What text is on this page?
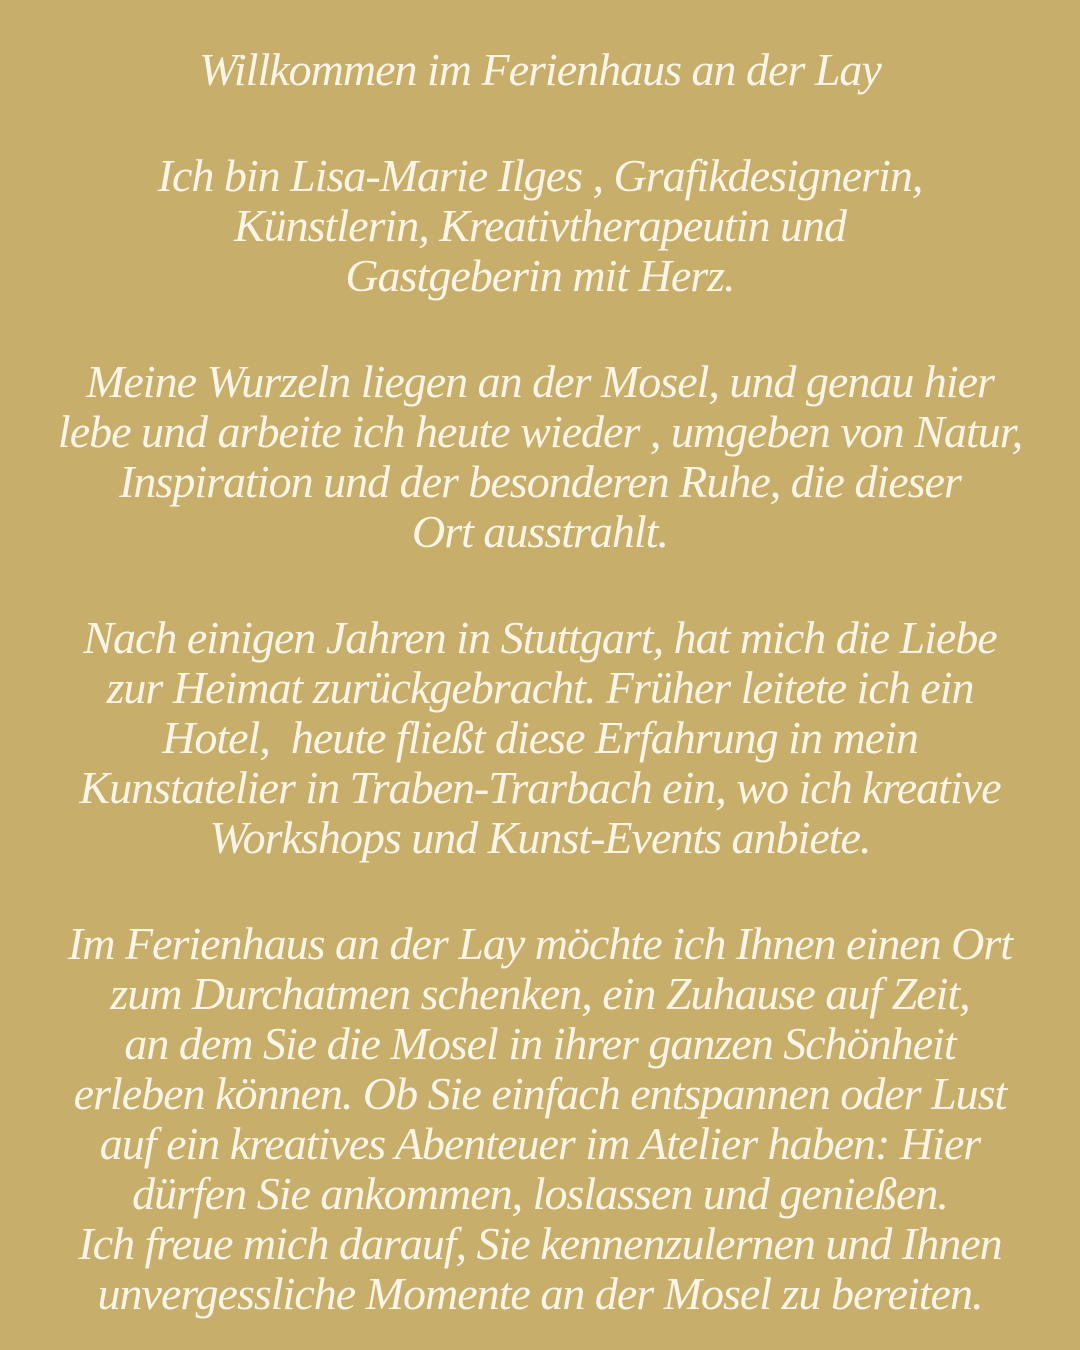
Willkommen im Ferienhaus an der Lay
Ich bin Lisa-Marie Ilges , Grafikdesignerin,
Künstlerin, Kreativtherapeutin und
Gastgeberin mit Herz.
Meine Wurzeln liegen an der Mosel, und genau hier
lebe und arbeite ich heute wieder , umgeben von Natur,
Inspiration und der besonderen Ruhe, die dieser
Ort ausstrahlt.
Nach einigen Jahren in Stuttgart, hat mich die Liebe
zur Heimat zurückgebracht. Früher leitete ich ein
Hotel,  heute fließt diese Erfahrung in mein
Kunstatelier in Traben-Trarbach ein, wo ich kreative
Workshops und Kunst-Events anbiete.
Im Ferienhaus an der Lay möchte ich Ihnen einen Ort
zum Durchatmen schenken, ein Zuhause auf Zeit,
an dem Sie die Mosel in ihrer ganzen Schönheit
erleben können. Ob Sie einfach entspannen oder Lust
auf ein kreatives Abenteuer im Atelier haben: Hier
dürfen Sie ankommen, loslassen und genießen.
Ich freue mich darauf, Sie kennenzulernen und Ihnen
unvergessliche Momente an der Mosel zu bereiten.
